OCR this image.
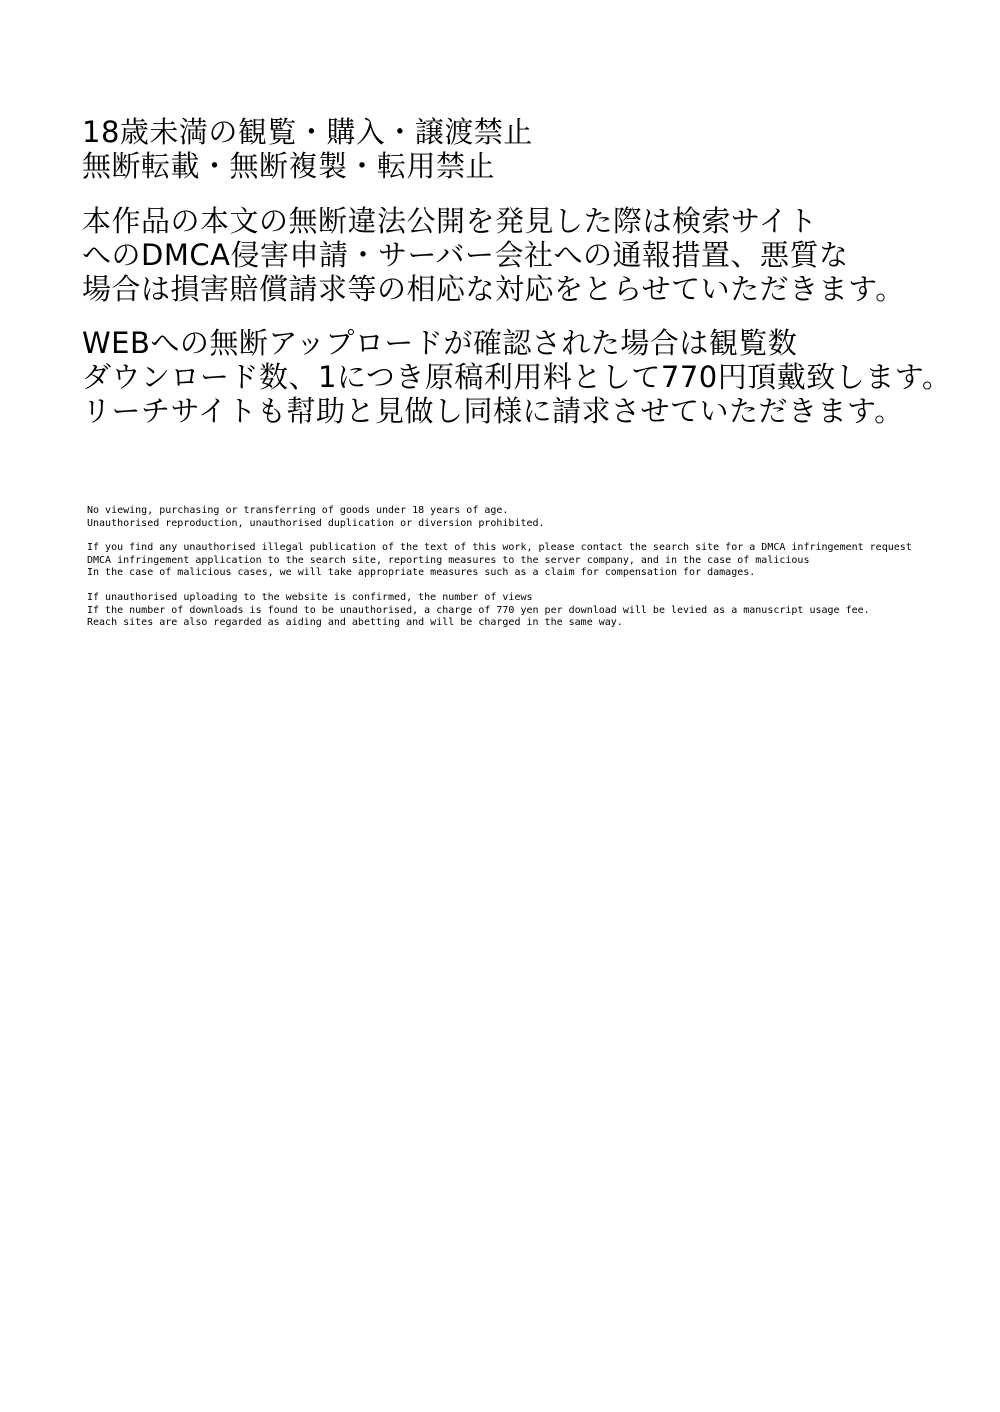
18歳未満の観覧・購入・譲渡禁止
無断転載・無断複製・転用禁止
本作品の本文の無断違法公開を発見した際は検索サイト
へのDMCA侵害申請・サーバー会社への通報措置、悪質な
場合は損害賠償請求等の相応な対応をとらせていただきます。
WEBへの無断アップロードが確認された場合は観覧数
ダウンロード数、1につき原稿利用料として770円頂戴致します。
リーチサイトも幇助と見做し同様に請求させていただきます。
No viewing, purchasing or transferring of goods under 18 years of age.
Unauthorised reproduction, unauthorised duplication or diversion prohibited.
If you find any unauthorised illegal publication of the text of this work, please contact the search site for a DMCA infringement request
DMCA infringement application to the search site, reporting measures to the server company, and in the case of malicious
In the case of malicious cases, we will take appropriate measures such as a claim for compensation for damages.
If unauthorised uploading to the website is confirmed, the number of views
If the number of downloads is found to be unauthorised, a charge of 770 yen per download will be levied as a manuscript usage fee.
Reach sites are also regarded as aiding and abetting and will be charged in the same way.
